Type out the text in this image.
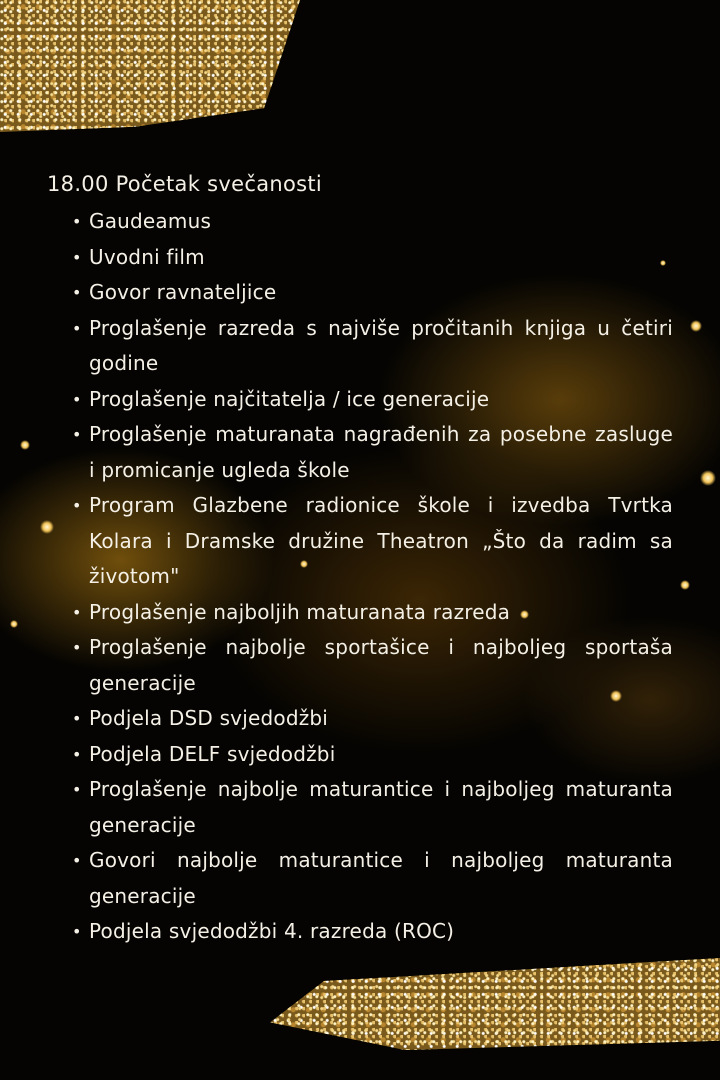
18.00 Početak svečanosti
• Gaudeamus
• Uvodni film
• Govor ravnateljice
• Proglašenje razreda s najviše pročitanih knjiga u četiri godine
• Proglašenje najčitatelja / ice generacije
• Proglašenje maturanata nagrađenih za posebne zasluge i promicanje ugleda škole
• Program Glazbene radionice škole i izvedba Tvrtka Kolara i Dramske družine Theatron „Što da radim sa životom"
• Proglašenje najboljih maturanata razreda
• Proglašenje najbolje sportašice i najboljeg sportaša generacije
• Podjela DSD svjedodžbi
• Podjela DELF svjedodžbi
• Proglašenje najbolje maturantice i najboljeg maturanta generacije
• Govori najbolje maturantice i najboljeg maturanta generacije
• Podjela svjedodžbi 4. razreda (ROC)
